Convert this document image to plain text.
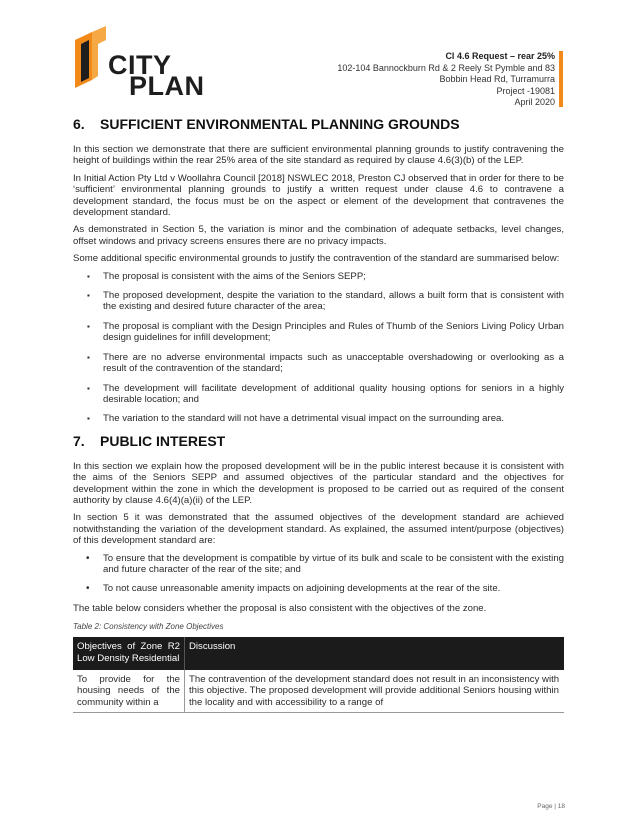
CITY
PLAN
Cl 4.6 Request – rear 25%
102-104 Bannockburn Rd & 2 Reely St Pymble and 83
Bobbin Head Rd, Turramurra
Project -19081
April 2020
6. SUFFICIENT ENVIRONMENTAL PLANNING GROUNDS

In this section we demonstrate that there are sufficient environmental planning grounds to justify contravening the height of buildings within the rear 25% area of the site standard as required by clause 4.6(3)(b) of the LEP.

In Initial Action Pty Ltd v Woollahra Council [2018] NSWLEC 2018, Preston CJ observed that in order for there to be ‘sufficient’ environmental planning grounds to justify a written request under clause 4.6 to contravene a development standard, the focus must be on the aspect or element of the development that contravenes the development standard.

As demonstrated in Section 5, the variation is minor and the combination of adequate setbacks, level changes, offset windows and privacy screens ensures there are no privacy impacts.

Some additional specific environmental grounds to justify the contravention of the standard are summarised below:

▪ The proposal is consistent with the aims of the Seniors SEPP;
▪ The proposed development, despite the variation to the standard, allows a built form that is consistent with the existing and desired future character of the area;
▪ The proposal is compliant with the Design Principles and Rules of Thumb of the Seniors Living Policy Urban design guidelines for infill development;
▪ There are no adverse environmental impacts such as unacceptable overshadowing or overlooking as a result of the contravention of the standard;
▪ The development will facilitate development of additional quality housing options for seniors in a highly desirable location; and
▪ The variation to the standard will not have a detrimental visual impact on the surrounding area.
7. PUBLIC INTEREST

In this section we explain how the proposed development will be in the public interest because it is consistent with the aims of the Seniors SEPP and assumed objectives of the particular standard and the objectives for development within the zone in which the development is proposed to be carried out as required of the consent authority by clause 4.6(4)(a)(ii) of the LEP.

In section 5 it was demonstrated that the assumed objectives of the development standard are achieved notwithstanding the variation of the development standard. As explained, the assumed intent/purpose (objectives) of this development standard are:

• To ensure that the development is compatible by virtue of its bulk and scale to be consistent with the existing and future character of the rear of the site; and
• To not cause unreasonable amenity impacts on adjoining developments at the rear of the site.

The table below considers whether the proposal is also consistent with the objectives of the zone.

Table 2: Consistency with Zone Objectives
Objectives of Zone R2 Low Density Residential	Discussion
To provide for the housing needs of the community within a	The contravention of the development standard does not result in an inconsistency with this objective. The proposed development will provide additional Seniors housing within the locality and with accessibility to a range of
Page | 18
